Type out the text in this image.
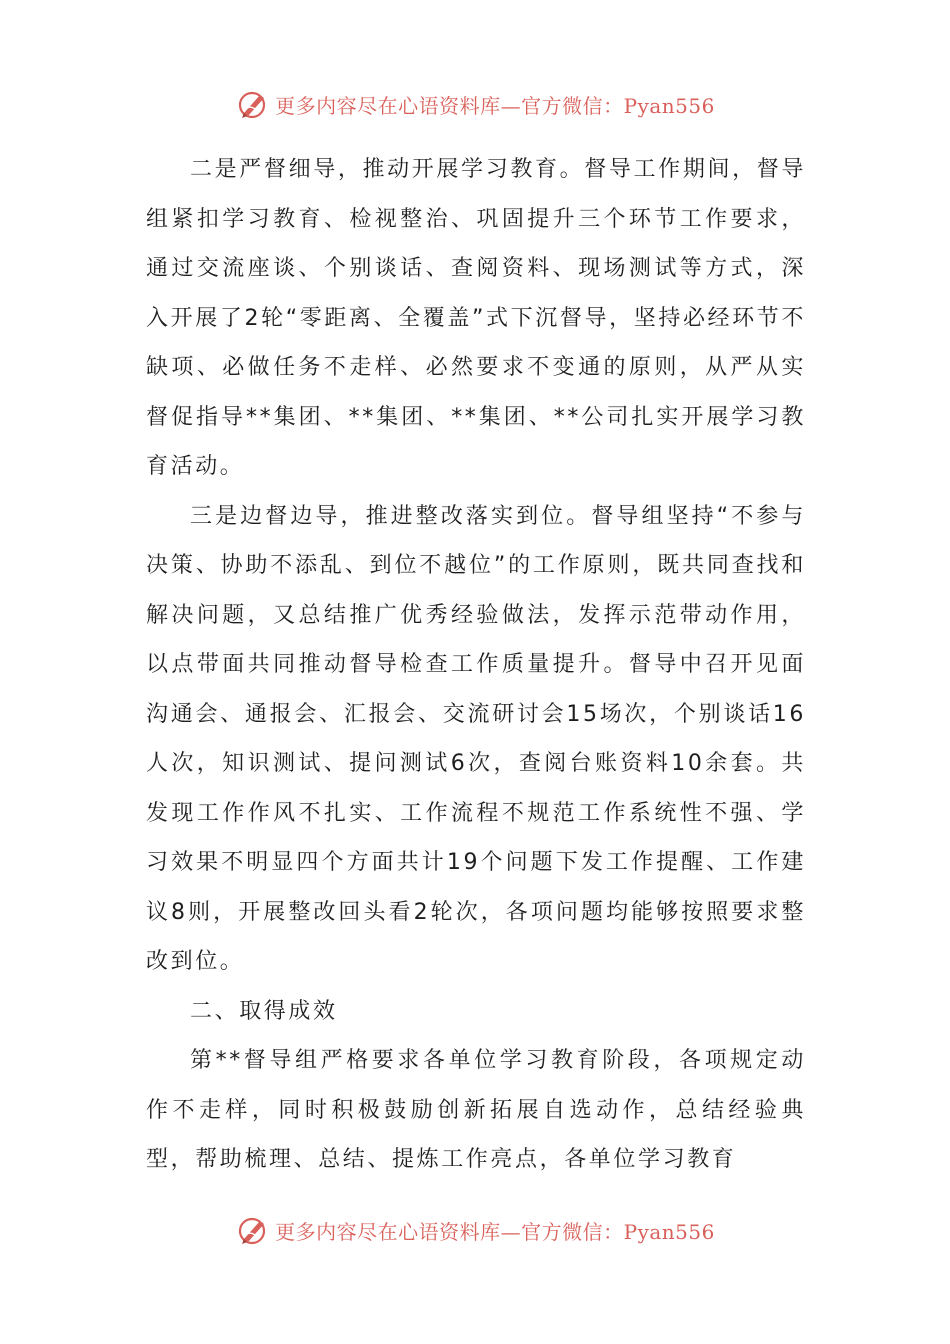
更多内容尽在心语资料库—官方微信：Pyan556

二是严督细导，推动开展学习教育。督导工作期间，督导组紧扣学习教育、检视整治、巩固提升三个环节工作要求，通过交流座谈、个别谈话、查阅资料、现场测试等方式，深入开展了2轮“零距离、全覆盖”式下沉督导，坚持必经环节不缺项、必做任务不走样、必然要求不变通的原则，从严从实督促指导**集团、**集团、**集团、**公司扎实开展学习教育活动。

三是边督边导，推进整改落实到位。督导组坚持“不参与决策、协助不添乱、到位不越位”的工作原则，既共同查找和解决问题，又总结推广优秀经验做法，发挥示范带动作用，以点带面共同推动督导检查工作质量提升。督导中召开见面沟通会、通报会、汇报会、交流研讨会15场次，个别谈话16人次，知识测试、提问测试6次，查阅台账资料10余套。共发现工作作风不扎实、工作流程不规范工作系统性不强、学习效果不明显四个方面共计19个问题下发工作提醒、工作建议8则，开展整改回头看2轮次，各项问题均能够按照要求整改到位。

二、取得成效

第**督导组严格要求各单位学习教育阶段，各项规定动作不走样，同时积极鼓励创新拓展自选动作，总结经验典型，帮助梳理、总结、提炼工作亮点，各单位学习教育

更多内容尽在心语资料库—官方微信：Pyan556
